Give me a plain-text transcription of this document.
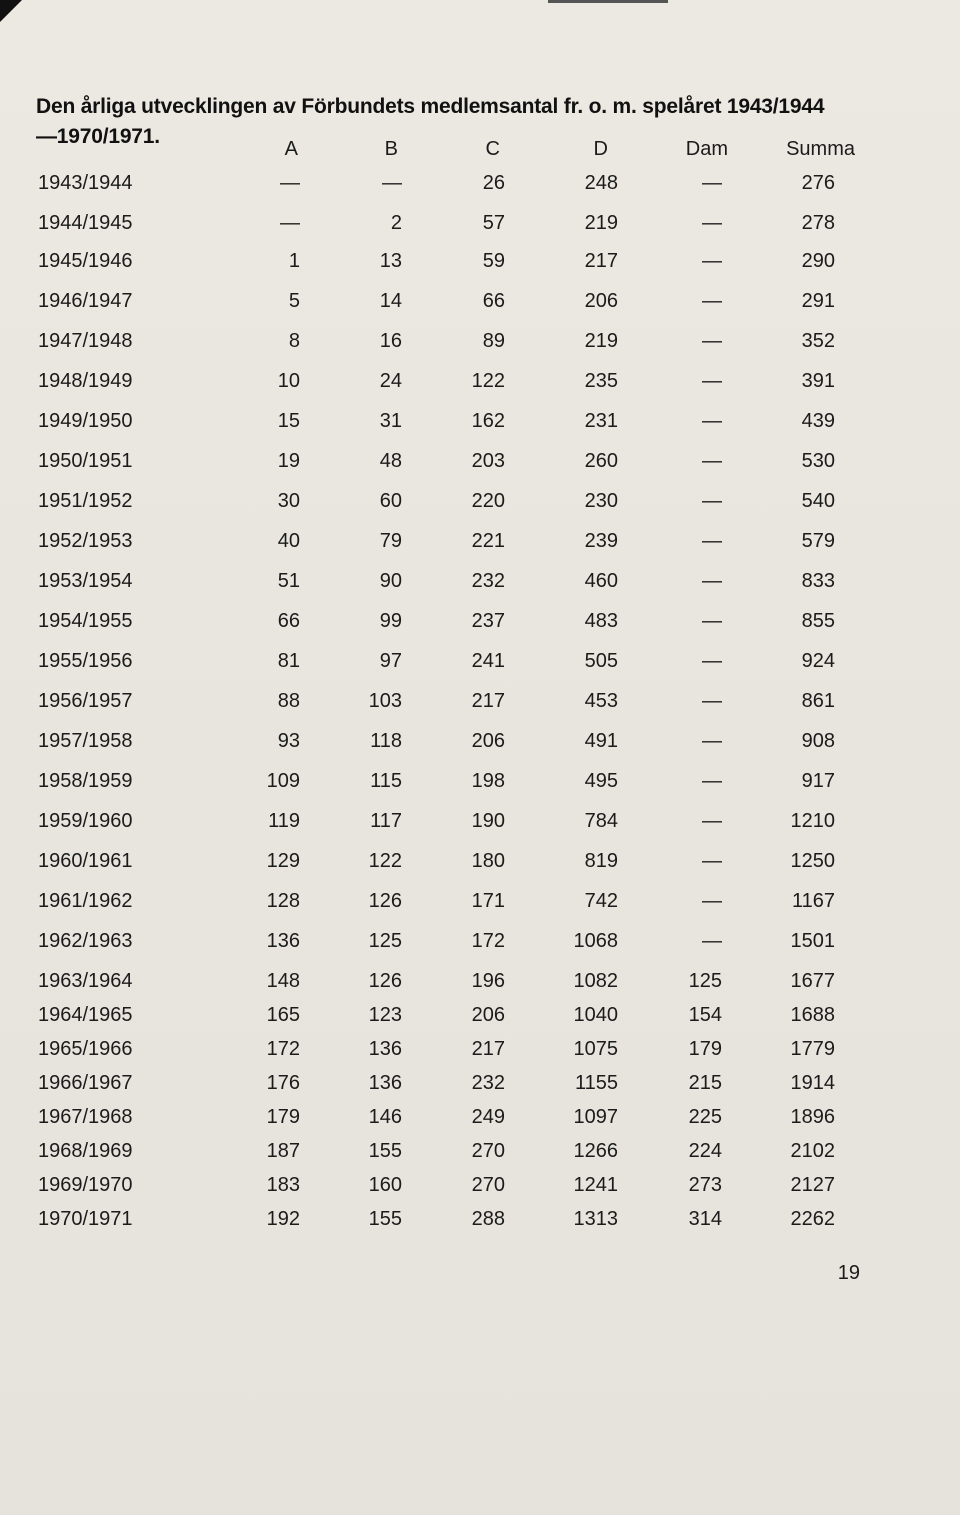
Den årliga utvecklingen av Förbundets medlemsantal fr. o. m. spelåret 1943/1944
—1970/1971.
A	B	C	D	Dam	Summa
1943/1944	—	—	26	248	—	276
1944/1945	—	2	57	219	—	278
1945/1946	1	13	59	217	—	290
1946/1947	5	14	66	206	—	291
1947/1948	8	16	89	219	—	352
1948/1949	10	24	122	235	—	391
1949/1950	15	31	162	231	—	439
1950/1951	19	48	203	260	—	530
1951/1952	30	60	220	230	—	540
1952/1953	40	79	221	239	—	579
1953/1954	51	90	232	460	—	833
1954/1955	66	99	237	483	—	855
1955/1956	81	97	241	505	—	924
1956/1957	88	103	217	453	—	861
1957/1958	93	118	206	491	—	908
1958/1959	109	115	198	495	—	917
1959/1960	119	117	190	784	—	1210
1960/1961	129	122	180	819	—	1250
1961/1962	128	126	171	742	—	1167
1962/1963	136	125	172	1068	—	1501
1963/1964	148	126	196	1082	125	1677
1964/1965	165	123	206	1040	154	1688
1965/1966	172	136	217	1075	179	1779
1966/1967	176	136	232	1155	215	1914
1967/1968	179	146	249	1097	225	1896
1968/1969	187	155	270	1266	224	2102
1969/1970	183	160	270	1241	273	2127
1970/1971	192	155	288	1313	314	2262
19
